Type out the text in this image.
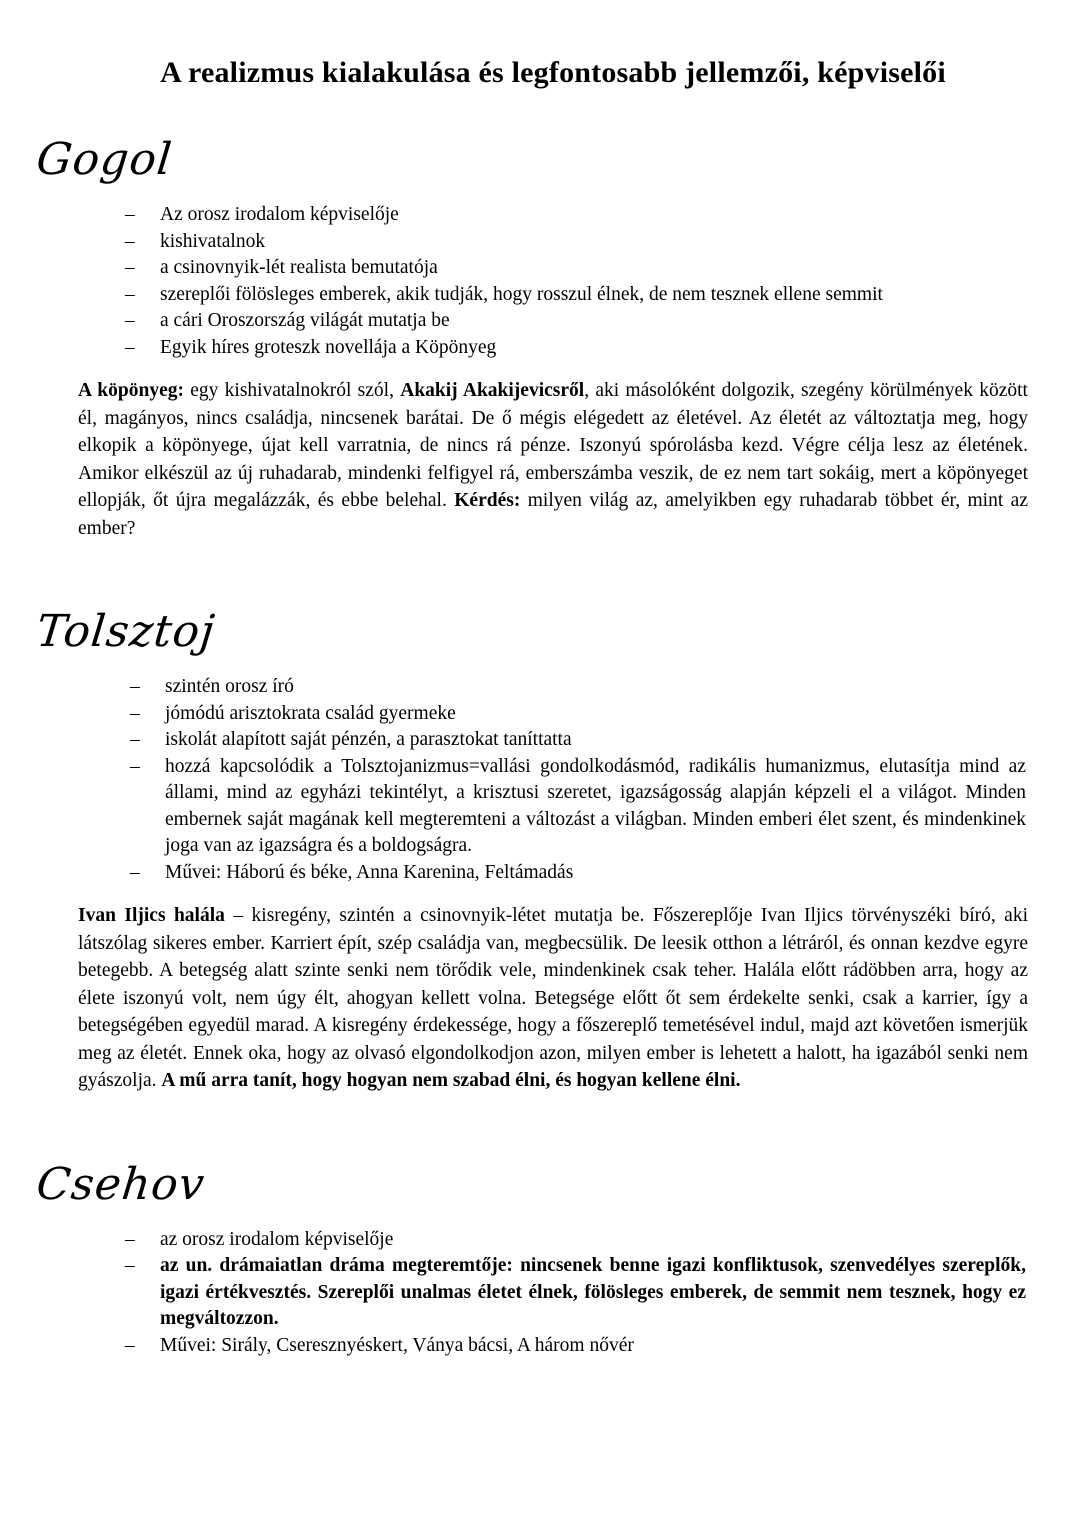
A realizmus kialakulása és legfontosabb jellemzői, képviselői
Gogol
–	Az orosz irodalom képviselője
–	kishivatalnok
–	a csinovnyik-lét realista bemutatója
–	szereplői fölösleges emberek, akik tudják, hogy rosszul élnek, de nem tesznek ellene semmit
–	a cári Oroszország világát mutatja be
–	Egyik híres groteszk novellája a Köpönyeg

A köpönyeg: egy kishivatalnokról szól, Akakij Akakijevicsről, aki másolóként dolgozik, szegény körülmények között él, magányos, nincs családja, nincsenek barátai. De ő mégis elégedett az életével. Az életét az változtatja meg, hogy elkopik a köpönyege, újat kell varratnia, de nincs rá pénze. Iszonyú spórolásba kezd. Végre célja lesz az életének. Amikor elkészül az új ruhadarab, mindenki felfigyel rá, emberszámba veszik, de ez nem tart sokáig, mert a köpönyeget ellopják, őt újra megalázzák, és ebbe belehal. Kérdés: milyen világ az, amelyikben egy ruhadarab többet ér, mint az ember?

Tolsztoj
–	szintén orosz író
–	jómódú arisztokrata család gyermeke
–	iskolát alapított saját pénzén, a parasztokat taníttatta
–	hozzá kapcsolódik a Tolsztojanizmus=vallási gondolkodásmód, radikális humanizmus, elutasítja mind az állami, mind az egyházi tekintélyt, a krisztusi szeretet, igazságosság alapján képzeli el a világot. Minden embernek saját magának kell megteremteni a változást a világban. Minden emberi élet szent, és mindenkinek joga van az igazságra és a boldogságra.
–	Művei: Háború és béke, Anna Karenina, Feltámadás

Ivan Iljics halála – kisregény, szintén a csinovnyik-létet mutatja be. Főszereplője Ivan Iljics törvényszéki bíró, aki látszólag sikeres ember. Karriert épít, szép családja van, megbecsülik. De leesik otthon a létráról, és onnan kezdve egyre betegebb. A betegség alatt szinte senki nem törődik vele, mindenkinek csak teher. Halála előtt rádöbben arra, hogy az élete iszonyú volt, nem úgy élt, ahogyan kellett volna. Betegsége előtt őt sem érdekelte senki, csak a karrier, így a betegségében egyedül marad. A kisregény érdekessége, hogy a főszereplő temetésével indul, majd azt követően ismerjük meg az életét. Ennek oka, hogy az olvasó elgondolkodjon azon, milyen ember is lehetett a halott, ha igazából senki nem gyászolja. A mű arra tanít, hogy hogyan nem szabad élni, és hogyan kellene élni.

Csehov
–	az orosz irodalom képviselője
–	az un. drámaiatlan dráma megteremtője: nincsenek benne igazi konfliktusok, szenvedélyes szereplők, igazi értékvesztés. Szereplői unalmas életet élnek, fölösleges emberek, de semmit nem tesznek, hogy ez megváltozzon.
–	Művei: Sirály, Cseresznyéskert, Ványa bácsi, A három nővér
